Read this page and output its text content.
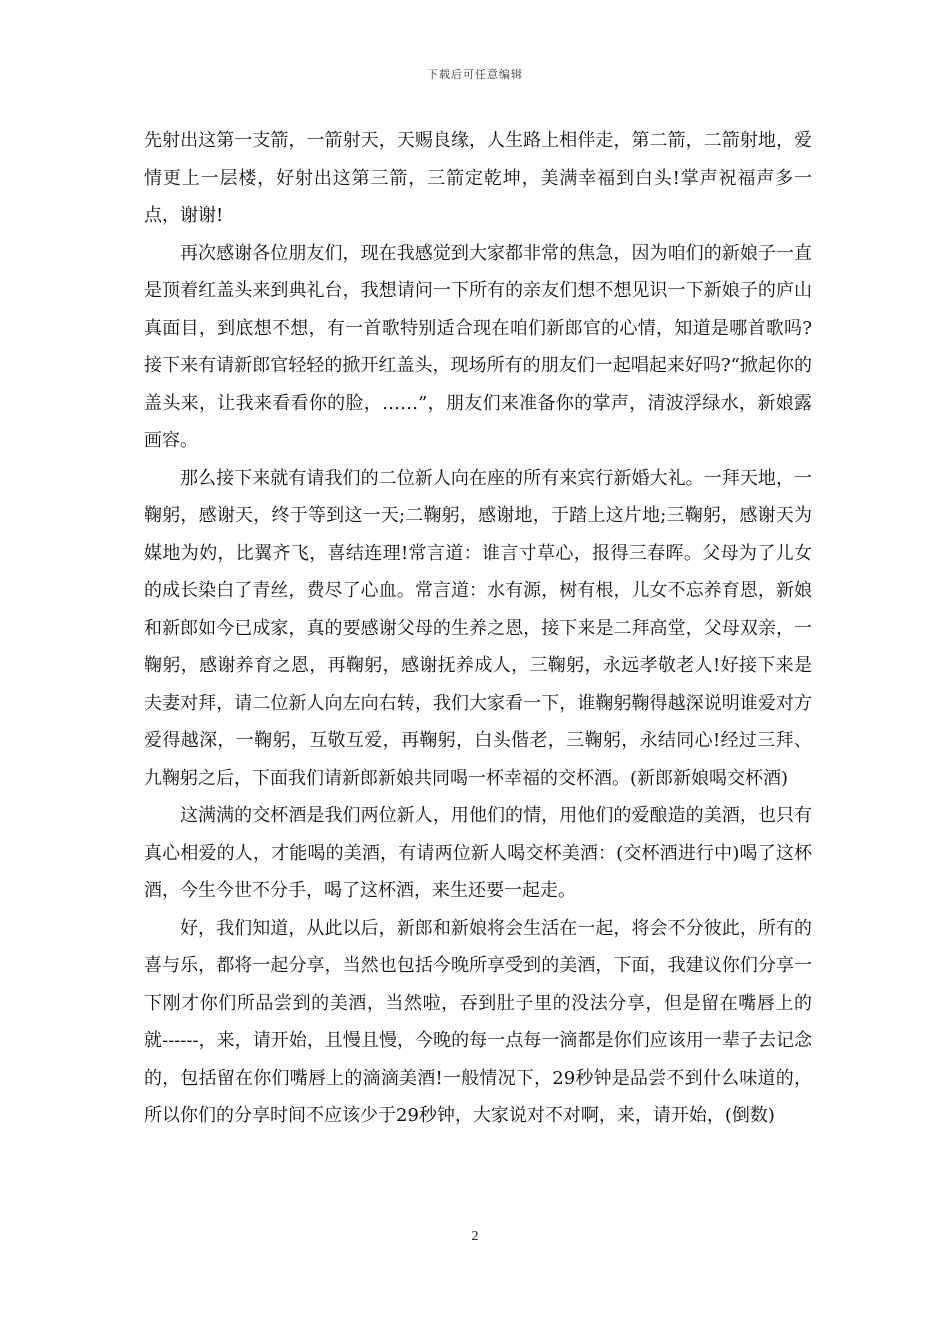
下载后可任意编辑

先射出这第一支箭，一箭射天，天赐良缘，人生路上相伴走，第二箭，二箭射地，爱情更上一层楼，好射出这第三箭，三箭定乾坤，美满幸福到白头!掌声祝福声多一点，谢谢!

再次感谢各位朋友们，现在我感觉到大家都非常的焦急，因为咱们的新娘子一直是顶着红盖头来到典礼台，我想请问一下所有的亲友们想不想见识一下新娘子的庐山真面目，到底想不想，有一首歌特别适合现在咱们新郎官的心情，知道是哪首歌吗?接下来有请新郎官轻轻的掀开红盖头，现场所有的朋友们一起唱起来好吗?“掀起你的盖头来，让我来看看你的脸，……”，朋友们来准备你的掌声，清波浮绿水，新娘露画容。

那么接下来就有请我们的二位新人向在座的所有来宾行新婚大礼。一拜天地，一鞠躬，感谢天，终于等到这一天;二鞠躬，感谢地，于踏上这片地;三鞠躬，感谢天为媒地为妁，比翼齐飞，喜结连理!常言道：谁言寸草心，报得三春晖。父母为了儿女的成长染白了青丝，费尽了心血。常言道：水有源，树有根，儿女不忘养育恩，新娘和新郎如今已成家，真的要感谢父母的生养之恩，接下来是二拜高堂，父母双亲，一鞠躬，感谢养育之恩，再鞠躬，感谢抚养成人，三鞠躬，永远孝敬老人!好接下来是夫妻对拜，请二位新人向左向右转，我们大家看一下，谁鞠躬鞠得越深说明谁爱对方爱得越深，一鞠躬，互敬互爱，再鞠躬，白头偕老，三鞠躬，永结同心!经过三拜、九鞠躬之后，下面我们请新郎新娘共同喝一杯幸福的交杯酒。(新郎新娘喝交杯酒)

这满满的交杯酒是我们两位新人，用他们的情，用他们的爱酿造的美酒，也只有真心相爱的人，才能喝的美酒，有请两位新人喝交杯美酒：(交杯酒进行中)喝了这杯酒，今生今世不分手，喝了这杯酒，来生还要一起走。

好，我们知道，从此以后，新郎和新娘将会生活在一起，将会不分彼此，所有的喜与乐，都将一起分享，当然也包括今晚所享受到的美酒，下面，我建议你们分享一下刚才你们所品尝到的美酒，当然啦，吞到肚子里的没法分享，但是留在嘴唇上的就------，来，请开始，且慢且慢，今晚的每一点每一滴都是你们应该用一辈子去记念的，包括留在你们嘴唇上的滴滴美酒!一般情况下，29秒钟是品尝不到什么味道的，所以你们的分享时间不应该少于29秒钟，大家说对不对啊，来，请开始，(倒数)

2
